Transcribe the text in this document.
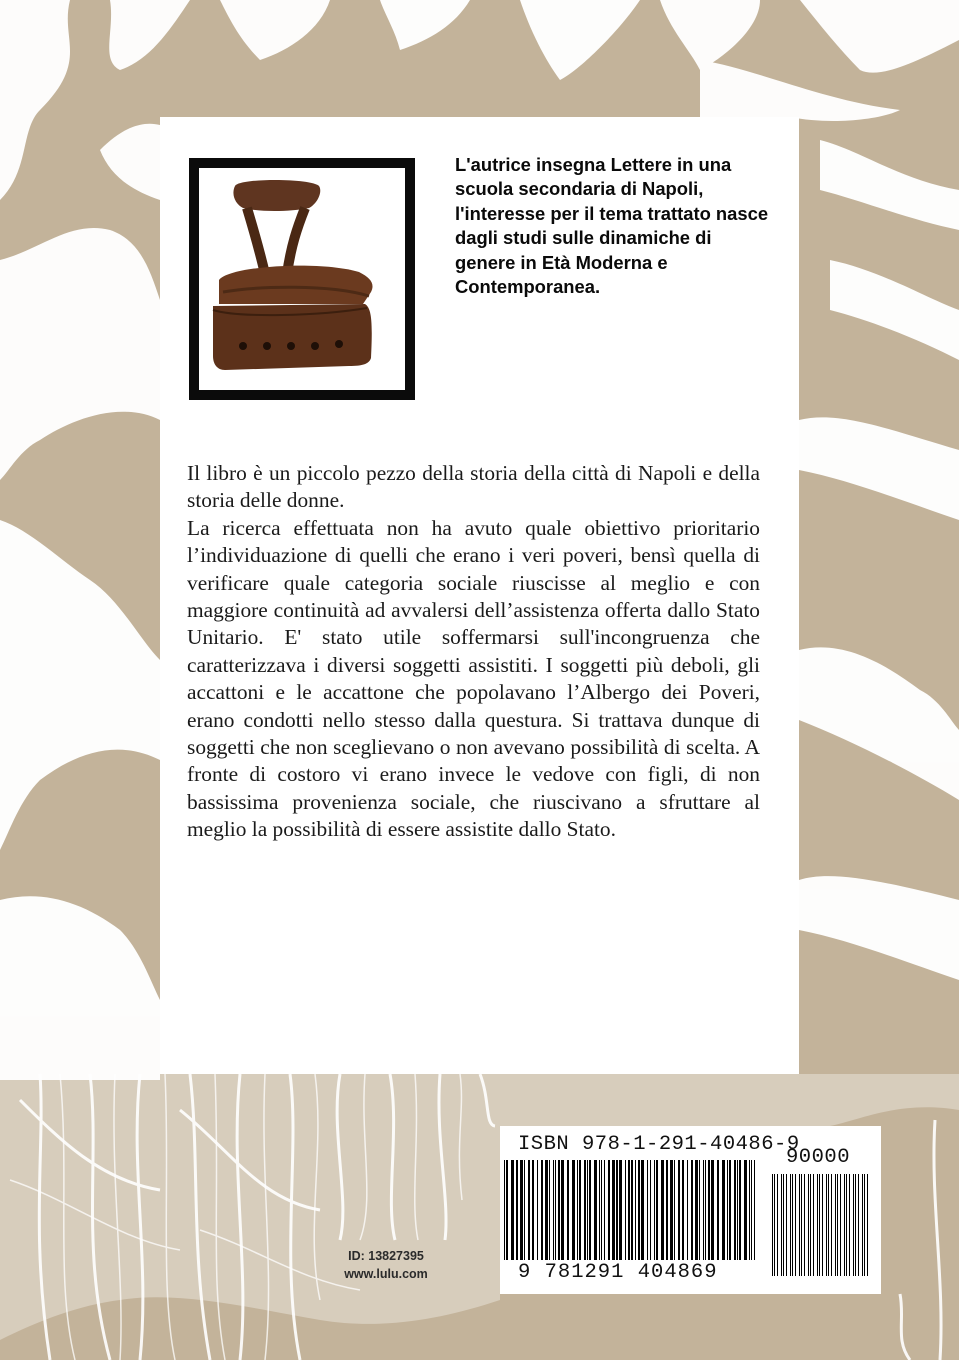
L'autrice insegna Lettere in una scuola secondaria di Napoli, l'interesse per il tema trattato nasce dagli studi sulle dinamiche di genere in Età Moderna e Contemporanea.

Il libro è un piccolo pezzo della storia della città di Napoli e della storia delle donne.

La ricerca effettuata non ha avuto quale obiettivo prioritario l’individuazione di quelli che erano i veri poveri, bensì quella di verificare quale categoria sociale riuscisse al meglio e con maggiore continuità ad avvalersi dell’assistenza offerta dallo Stato Unitario. E' stato utile soffermarsi sull'incongruenza che caratterizzava i diversi soggetti assistiti. I soggetti più deboli, gli accattoni e le accattone che popolavano l’Albergo dei Poveri, erano condotti nello stesso dalla questura. Si trattava dunque di soggetti che non sceglievano o non avevano possibilità di scelta. A fronte di costoro vi erano invece le vedove con figli, di non bassissima provenienza sociale, che riuscivano a sfruttare al meglio la possibilità di essere assistite dallo Stato.

ID: 13827395
www.lulu.com
ISBN 978-1-291-40486-9
90000
9 781291 404869
